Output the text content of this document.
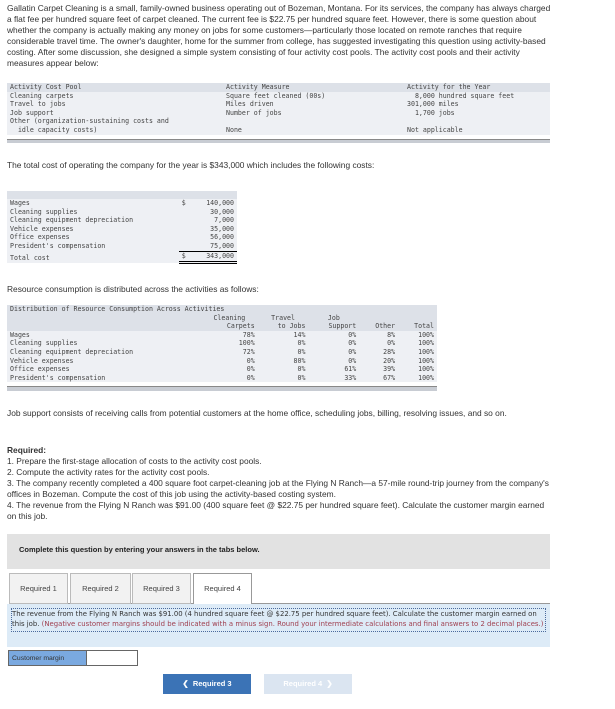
Gallatin Carpet Cleaning is a small, family-owned business operating out of Bozeman, Montana. For its services, the company has always charged a flat fee per hundred square feet of carpet cleaned. The current fee is $22.75 per hundred square feet. However, there is some question about whether the company is actually making any money on jobs for some customers—particularly those located on remote ranches that require considerable travel time. The owner's daughter, home for the summer from college, has suggested investigating this question using activity-based costing. After some discussion, she designed a simple system consisting of four activity cost pools. The activity cost pools and their activity measures appear below:

Activity Cost Pool	Activity Measure	Activity for the Year
Cleaning carpets	Square feet cleaned (00s)	8,000 hundred square feet
Travel to jobs	Miles driven	301,000 miles
Job support	Number of jobs	1,700 jobs
Other (organization-sustaining costs and
idle capacity costs)	None	Not applicable

The total cost of operating the company for the year is $343,000 which includes the following costs:

Wages	$	140,000
Cleaning supplies		30,000
Cleaning equipment depreciation		7,000
Vehicle expenses		35,000
Office expenses		56,000
President's compensation		75,000
Total cost	$	343,000

Resource consumption is distributed across the activities as follows:

Distribution of Resource Consumption Across Activities					
	Cleaning	Travel	Job		
	Carpets	to Jobs	Support	Other	Total
Wages	78%	14%	0%	8%	100%
Cleaning supplies	100%	0%	0%	0%	100%
Cleaning equipment depreciation	72%	0%	0%	28%	100%
Vehicle expenses	0%	80%	0%	20%	100%
Office expenses	0%	0%	61%	39%	100%
President's compensation	0%	0%	33%	67%	100%

Job support consists of receiving calls from potential customers at the home office, scheduling jobs, billing, resolving issues, and so on.

Required:

1. Prepare the first-stage allocation of costs to the activity cost pools.

2. Compute the activity rates for the activity cost pools.

3. The company recently completed a 400 square foot carpet-cleaning job at the Flying N Ranch—a 57-mile round-trip journey from the company's offices in Bozeman. Compute the cost of this job using the activity-based costing system.

4. The revenue from the Flying N Ranch was $91.00 (400 square feet @ $22.75 per hundred square feet). Calculate the customer margin earned on this job.

Complete this question by entering your answers in the tabs below.
Required 1	Required 2	Required 3	Required 4
The revenue from the Flying N Ranch was $91.00 (4 hundred square feet @ $22.75 per hundred square feet). Calculate the customer margin earned on this job. (Negative customer margins should be indicated with a minus sign. Round your intermediate calculations and final answers to 2 decimal places.)
Customer margin
❮  Required 3	Required 4  ❯
